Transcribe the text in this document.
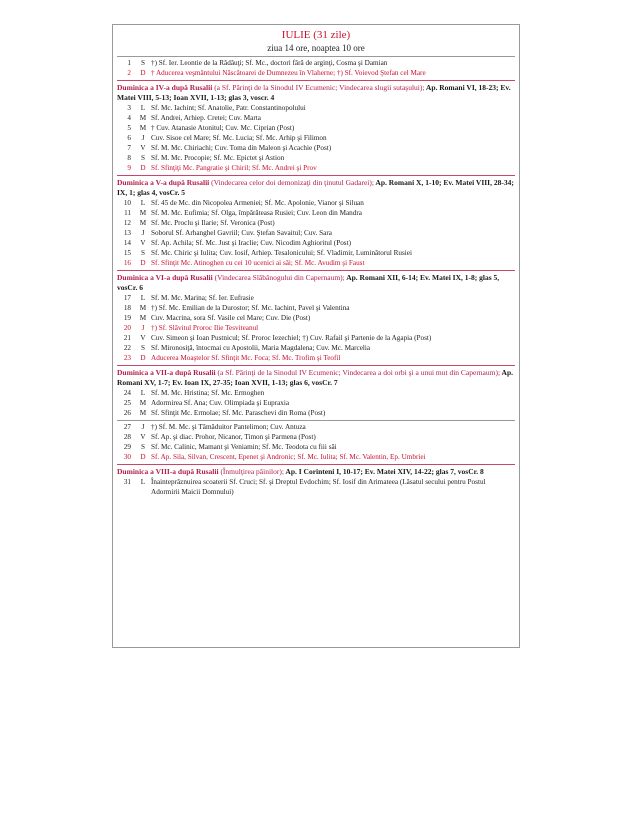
IULIE (31 zile)
ziua 14 ore, noaptea 10 ore
1	S †) Sf. Ier. Leontie de la Rădăuţi; Sf. Mc., doctori fără de arginţi, Cosma şi Damian
2	D † Aducerea veşmântului Născătoarei de Dumnezeu în Vlaherne; †) Sf. Voievod Ştefan cel Mare
Duminica a IV-a după Rusalii (a Sf. Părinţi de la Sinodul IV Ecumenic; Vindecarea slugii sutaşului); Ap. Romani VI, 18-23; Ev. Matei VIII, 5-13; Ioan XVII, 1-13; glas 3, voscr. 4
3	L Sf. Mc. Iachint; Sf. Anatolie, Patr. Constantinopolului
4	M Sf. Andrei, Arhiep. Cretei; Cuv. Marta
5	M † Cuv. Atanasie Atonitul; Cuv. Mc. Ciprian (Post)
6	J Cuv. Sisoe cel Mare; Sf. Mc. Lucia; Sf. Mc. Arhip şi Filimon
7	V Sf. M. Mc. Chiriachi; Cuv. Toma din Maleon şi Acachie (Post)
8	S Sf. M. Mc. Procopie; Sf. Mc. Epictet şi Astion
9	D Sf. Sfinţiţi Mc. Pangratie şi Chiril; Sf. Mc. Andrei şi Prov
Duminica a V-a după Rusalii (Vindecarea celor doi demonizaţi din ţinutul Gadarei); Ap. Romani X, 1-10; Ev. Matei VIII, 28-34; IX, 1; glas 4, vosCr. 5
10	L Sf. 45 de Mc. din Nicopolea Armeniei; Sf. Mc. Apolonie, Vianor şi Siluan
11	M Sf. M. Mc. Eufimia; Sf. Olga, împărăteasa Rusiei; Cuv. Leon din Mandra
12	M Sf. Mc. Proclu şi Ilarie; Sf. Veronica (Post)
13	J Soborul Sf. Arhanghel Gavriil; Cuv. Ştefan Savaitul; Cuv. Sara
14	V Sf. Ap. Achila; Sf. Mc. Just şi Iraclie; Cuv. Nicodim Aghioritul (Post)
15	S Sf. Mc. Chiric şi Iulita; Cuv. Iosif, Arhiep. Tesalonicului; Sf. Vladimir, Luminătorul Rusiei
16	D Sf. Sfinţit Mc. Atinoghen cu cei 10 ucenici ai săi; Sf. Mc. Avudim şi Faust
Duminica a VI-a după Rusalii (Vindecarea Slăbănogului din Capernaum); Ap. Romani XII, 6-14; Ev. Matei IX, 1-8; glas 5, vosCr. 6
17	L Sf. M. Mc. Marina; Sf. Ier. Eufrasie
18	M †) Sf. Mc. Emilian de la Durostor; Sf. Mc. Iachint, Pavel şi Valentina
19	M Cuv. Macrina, sora Sf. Vasile cel Mare; Cuv. Die (Post)
20	J †) Sf. Slăvitul Proroc Ilie Tesviteanul
21	V Cuv. Simeon şi Ioan Pustnicul; Sf. Proroc Iezechiel; †) Cuv. Rafail şi Partenie de la Agapia (Post)
22	S Sf. Mironosiţă, întocmai cu Apostolii, Maria Magdalena; Cuv. Mc. Marcelia
23	D Aducerea Moaştelor Sf. Sfinţit Mc. Foca; Sf. Mc. Trofim şi Teofil
Duminica a VII-a după Rusalii (a Sf. Părinţi de la Sinodul IV Ecumenic; Vindecarea a doi orbi şi a unui mut din Capernaum); Ap. Romani XV, 1-7; Ev. Ioan IX, 27-35; Ioan XVII, 1-13; glas 6, vosCr. 7
24	L Sf. M. Mc. Hristina; Sf. Mc. Ermoghen
25	M Adormirea Sf. Ana; Cuv. Olimpiada şi Eupraxia
26	M Sf. Sfinţit Mc. Ermolae; Sf. Mc. Paraschevi din Roma (Post)
27	J †) Sf. M. Mc. şi Tămăduitor Pantelimon; Cuv. Antuza
28	V Sf. Ap. şi diac. Prohor, Nicanor, Timon şi Parmena (Post)
29	S Sf. Mc. Calinic, Mamant şi Veniamin; Sf. Mc. Teodota cu fiii săi
30	D Sf. Ap. Sila, Silvan, Crescent, Epenet şi Andronic; Sf. Mc. Iulita; Sf. Mc. Valentin, Ep. Umbriei
Duminica a VIII-a după Rusalii (Înmulţirea pâinilor); Ap. I Corinteni I, 10-17; Ev. Matei XIV, 14-22; glas 7, vosCr. 8
31	L Înainteprăznuirea scoaterii Sf. Cruci; Sf. şi Dreptul Evdochim; Sf. Iosif din Arimateea (Lăsatul secului pentru Postul Adormirii Maicii Domnului)
